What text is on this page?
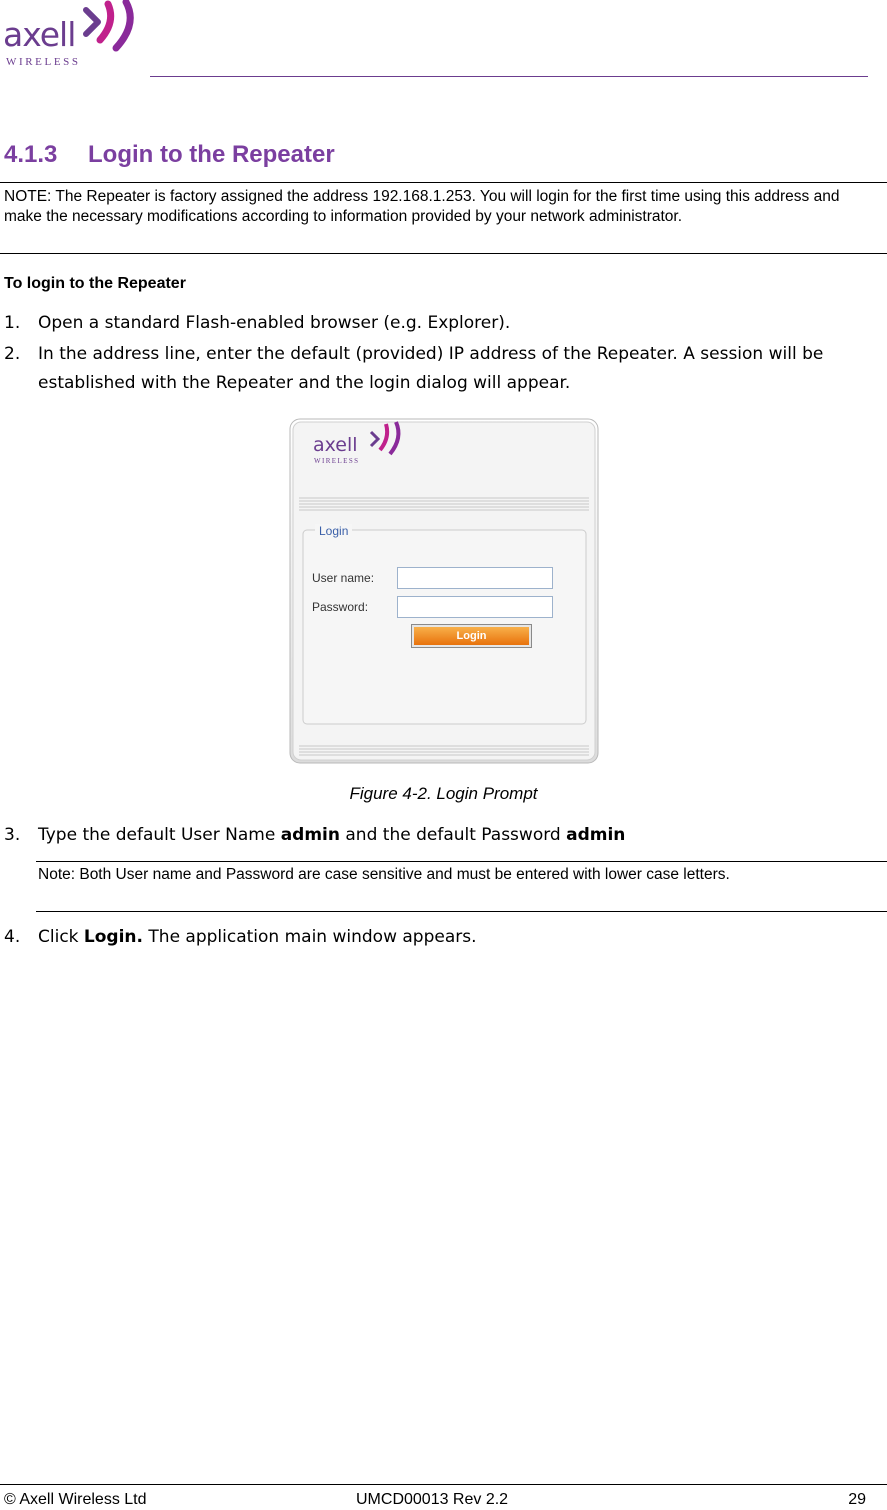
axell
WIRELESS
4.1.3 Login to the Repeater
NOTE: The Repeater is factory assigned the address 192.168.1.253. You will login for the first time using this address and make the necessary modifications according to information provided by your network administrator.
To login to the Repeater
1. Open a standard Flash-enabled browser (e.g. Explorer).
2. In the address line, enter the default (provided) IP address of the Repeater. A session will be established with the Repeater and the login dialog will appear.
axell
WIRELESS
Login
User name:
Password:
Login
Figure 4-2. Login Prompt
3. Type the default User Name admin and the default Password admin
Note: Both User name and Password are case sensitive and must be entered with lower case letters.
4. Click Login. The application main window appears.
© Axell Wireless Ltd	UMCD00013 Rev 2.2	29
